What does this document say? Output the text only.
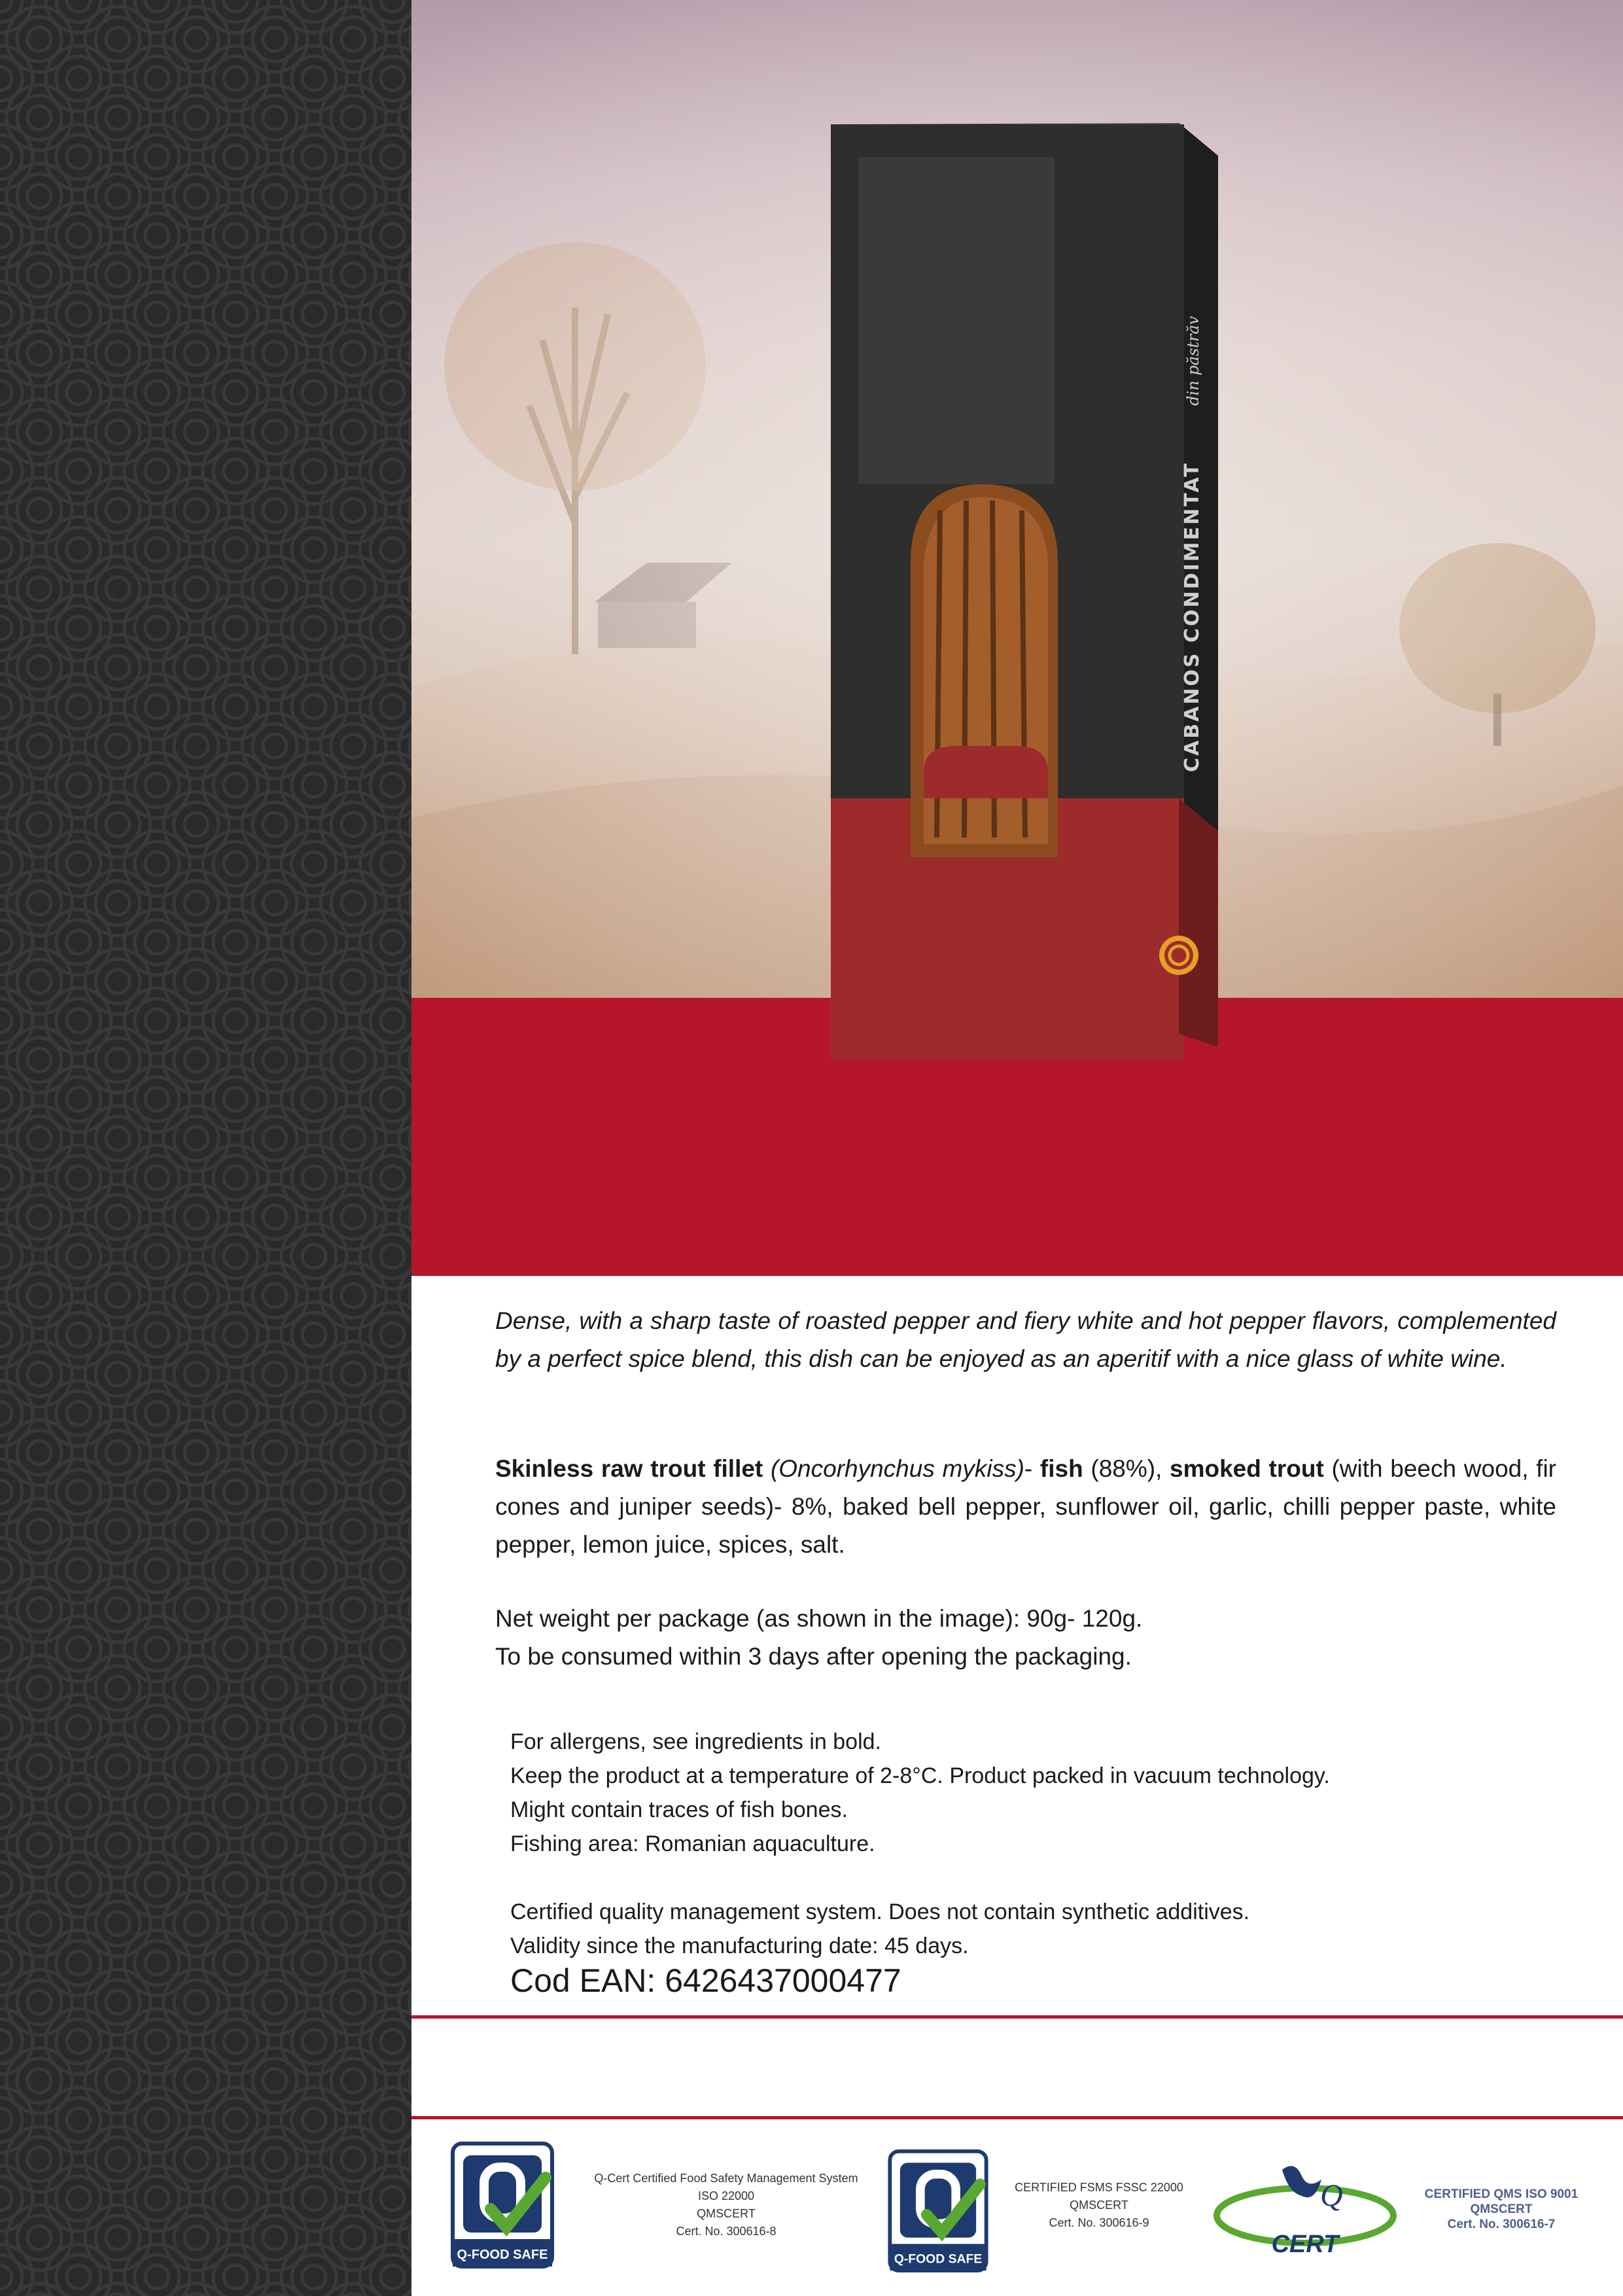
CABANOS CONDIMENTAT
din păstrăv
Dense, with a sharp taste of roasted pepper and fiery white and hot pepper flavors, complemented by a perfect spice blend, this dish can be enjoyed as an aperitif with a nice glass of white wine.
Skinless raw trout fillet (Oncorhynchus mykiss)- fish (88%), smoked trout (with beech wood, fir cones and juniper seeds)- 8%, baked bell pepper, sunflower oil, garlic, chilli pepper paste, white pepper, lemon juice, spices, salt.
Net weight per package (as shown in the image): 90g- 120g.
To be consumed within 3 days after opening the packaging.
For allergens, see ingredients in bold.
Keep the product at a temperature of 2-8°C. Product packed in vacuum technology.
Might contain traces of fish bones.
Fishing area: Romanian aquaculture.
Certified quality management system. Does not contain synthetic additives.
Validity since the manufacturing date: 45 days.
Cod EAN: 6426437000477
Q-FOOD SAFE
Q-Cert Certified Food Safety Management System
ISO 22000
QMSCERT
Cert. No. 300616-8
Q-FOOD SAFE
CERTIFIED FSMS FSSC 22000
QMSCERT
Cert. No. 300616-9
Q
CERT
CERTIFIED QMS ISO 9001
QMSCERT
Cert. No. 300616-7
